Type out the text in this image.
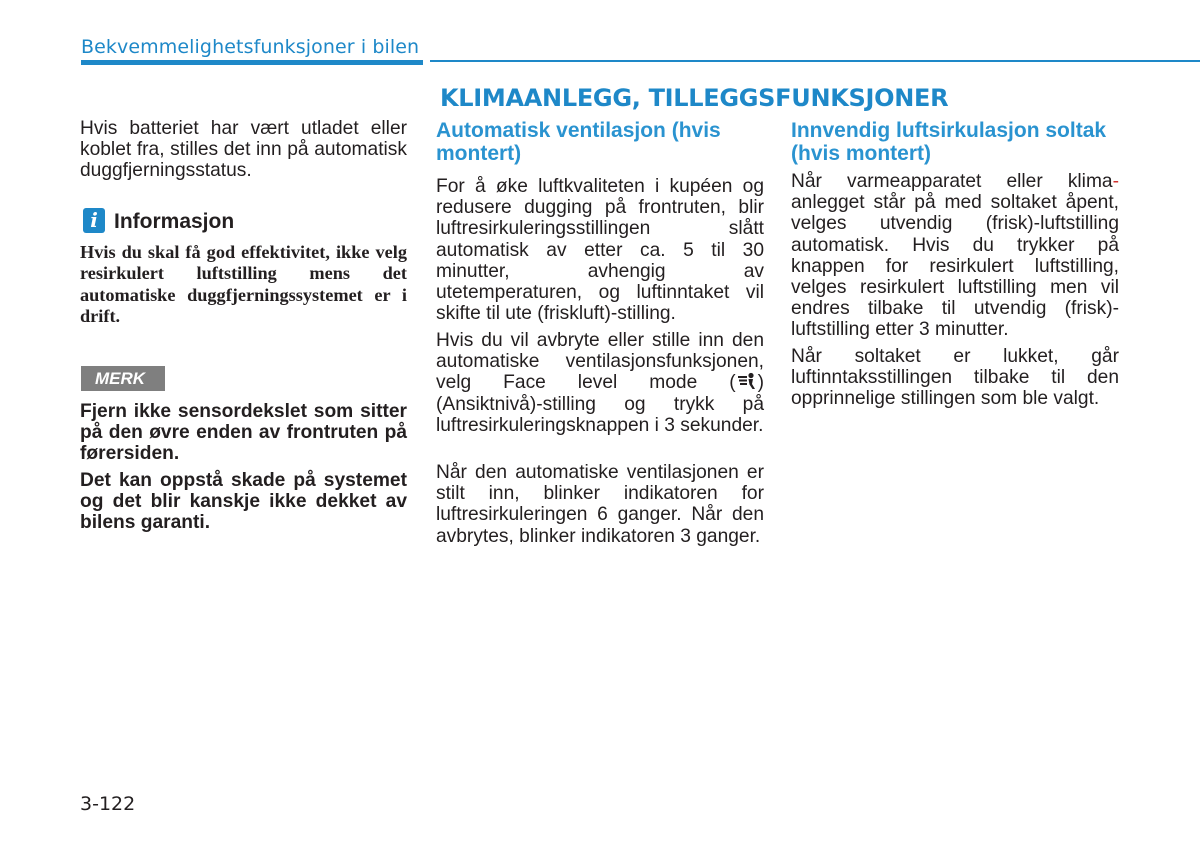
Bekvemmelighetsfunksjoner i bilen
KLIMAANLEGG, TILLEGGSFUNKSJONER

Hvis batteriet har vært utladet eller koblet fra, stilles det inn på automatisk duggfjerningsstatus.

i Informasjon

Hvis du skal få god effektivitet, ikke velg resirkulert luftstilling mens det automatiske duggfjerningssystemet er i drift.

MERK

Fjern ikke sensordekslet som sitter på den øvre enden av frontruten på førersiden.

Det kan oppstå skade på systemet og det blir kanskje ikke dekket av bilens garanti.

Automatisk ventilasjon (hvis montert)

For å øke luftkvaliteten i kupéen og redusere dugging på frontruten, blir luftresirkuleringsstillingen slått automatisk av etter ca. 5 til 30 minutter, avhengig av utetemperaturen, og luftinntaket vil skifte til ute (friskluft)-stilling.

Hvis du vil avbryte eller stille inn den automatiske ventilasjonsfunksjonen, velg Face level mode ( ) (Ansiktnivå)-stilling og trykk på luftresirkuleringsknappen i 3 sekunder.

Når den automatiske ventilasjonen er stilt inn, blinker indikatoren for luftresirkuleringen 6 ganger. Når den avbrytes, blinker indikatoren 3 ganger.

Innvendig luftsirkulasjon soltak (hvis montert)

Når varmeapparatet eller klima- anlegget står på med soltaket åpent, velges utvendig (frisk)-luftstilling automatisk. Hvis du trykker på knappen for resirkulert luftstilling, velges resirkulert luftstilling men vil endres tilbake til utvendig (frisk)- luftstilling etter 3 minutter.

Når soltaket er lukket, går luftinntaksstillingen tilbake til den opprinnelige stillingen som ble valgt.

3-122
